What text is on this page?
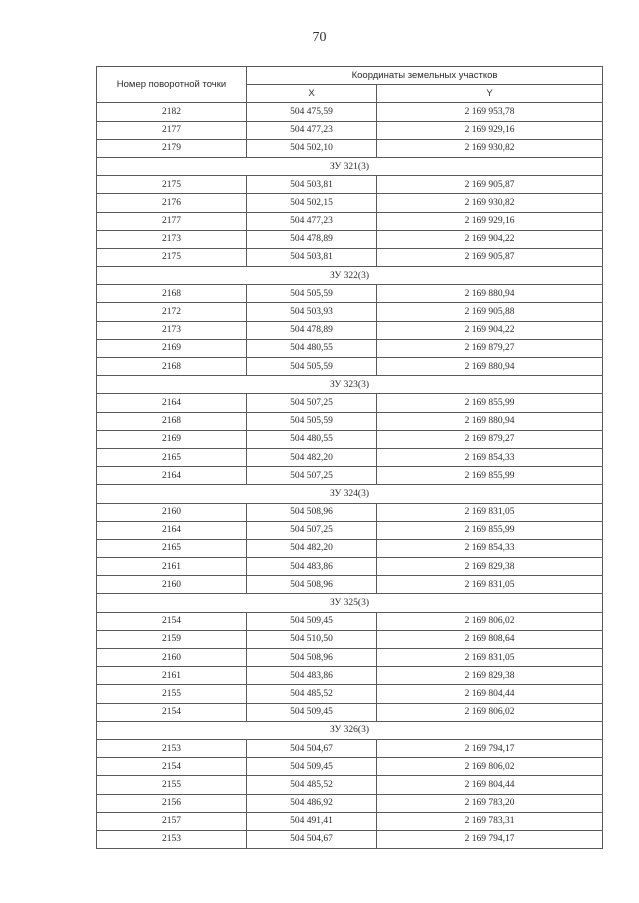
70
Номер поворотной точки	Координаты земельных участков	
	X	Y
2182	504 475,59	2 169 953,78
2177	504 477,23	2 169 929,16
2179	504 502,10	2 169 930,82
ЗУ 321(3)		
2175	504 503,81	2 169 905,87
2176	504 502,15	2 169 930,82
2177	504 477,23	2 169 929,16
2173	504 478,89	2 169 904,22
2175	504 503,81	2 169 905,87
ЗУ 322(3)		
2168	504 505,59	2 169 880,94
2172	504 503,93	2 169 905,88
2173	504 478,89	2 169 904,22
2169	504 480,55	2 169 879,27
2168	504 505,59	2 169 880,94
ЗУ 323(3)		
2164	504 507,25	2 169 855,99
2168	504 505,59	2 169 880,94
2169	504 480,55	2 169 879,27
2165	504 482,20	2 169 854,33
2164	504 507,25	2 169 855,99
ЗУ 324(3)		
2160	504 508,96	2 169 831,05
2164	504 507,25	2 169 855,99
2165	504 482,20	2 169 854,33
2161	504 483,86	2 169 829,38
2160	504 508,96	2 169 831,05
ЗУ 325(3)		
2154	504 509,45	2 169 806,02
2159	504 510,50	2 169 808,64
2160	504 508,96	2 169 831,05
2161	504 483,86	2 169 829,38
2155	504 485,52	2 169 804,44
2154	504 509,45	2 169 806,02
ЗУ 326(3)		
2153	504 504,67	2 169 794,17
2154	504 509,45	2 169 806,02
2155	504 485,52	2 169 804,44
2156	504 486,92	2 169 783,20
2157	504 491,41	2 169 783,31
2153	504 504,67	2 169 794,17
